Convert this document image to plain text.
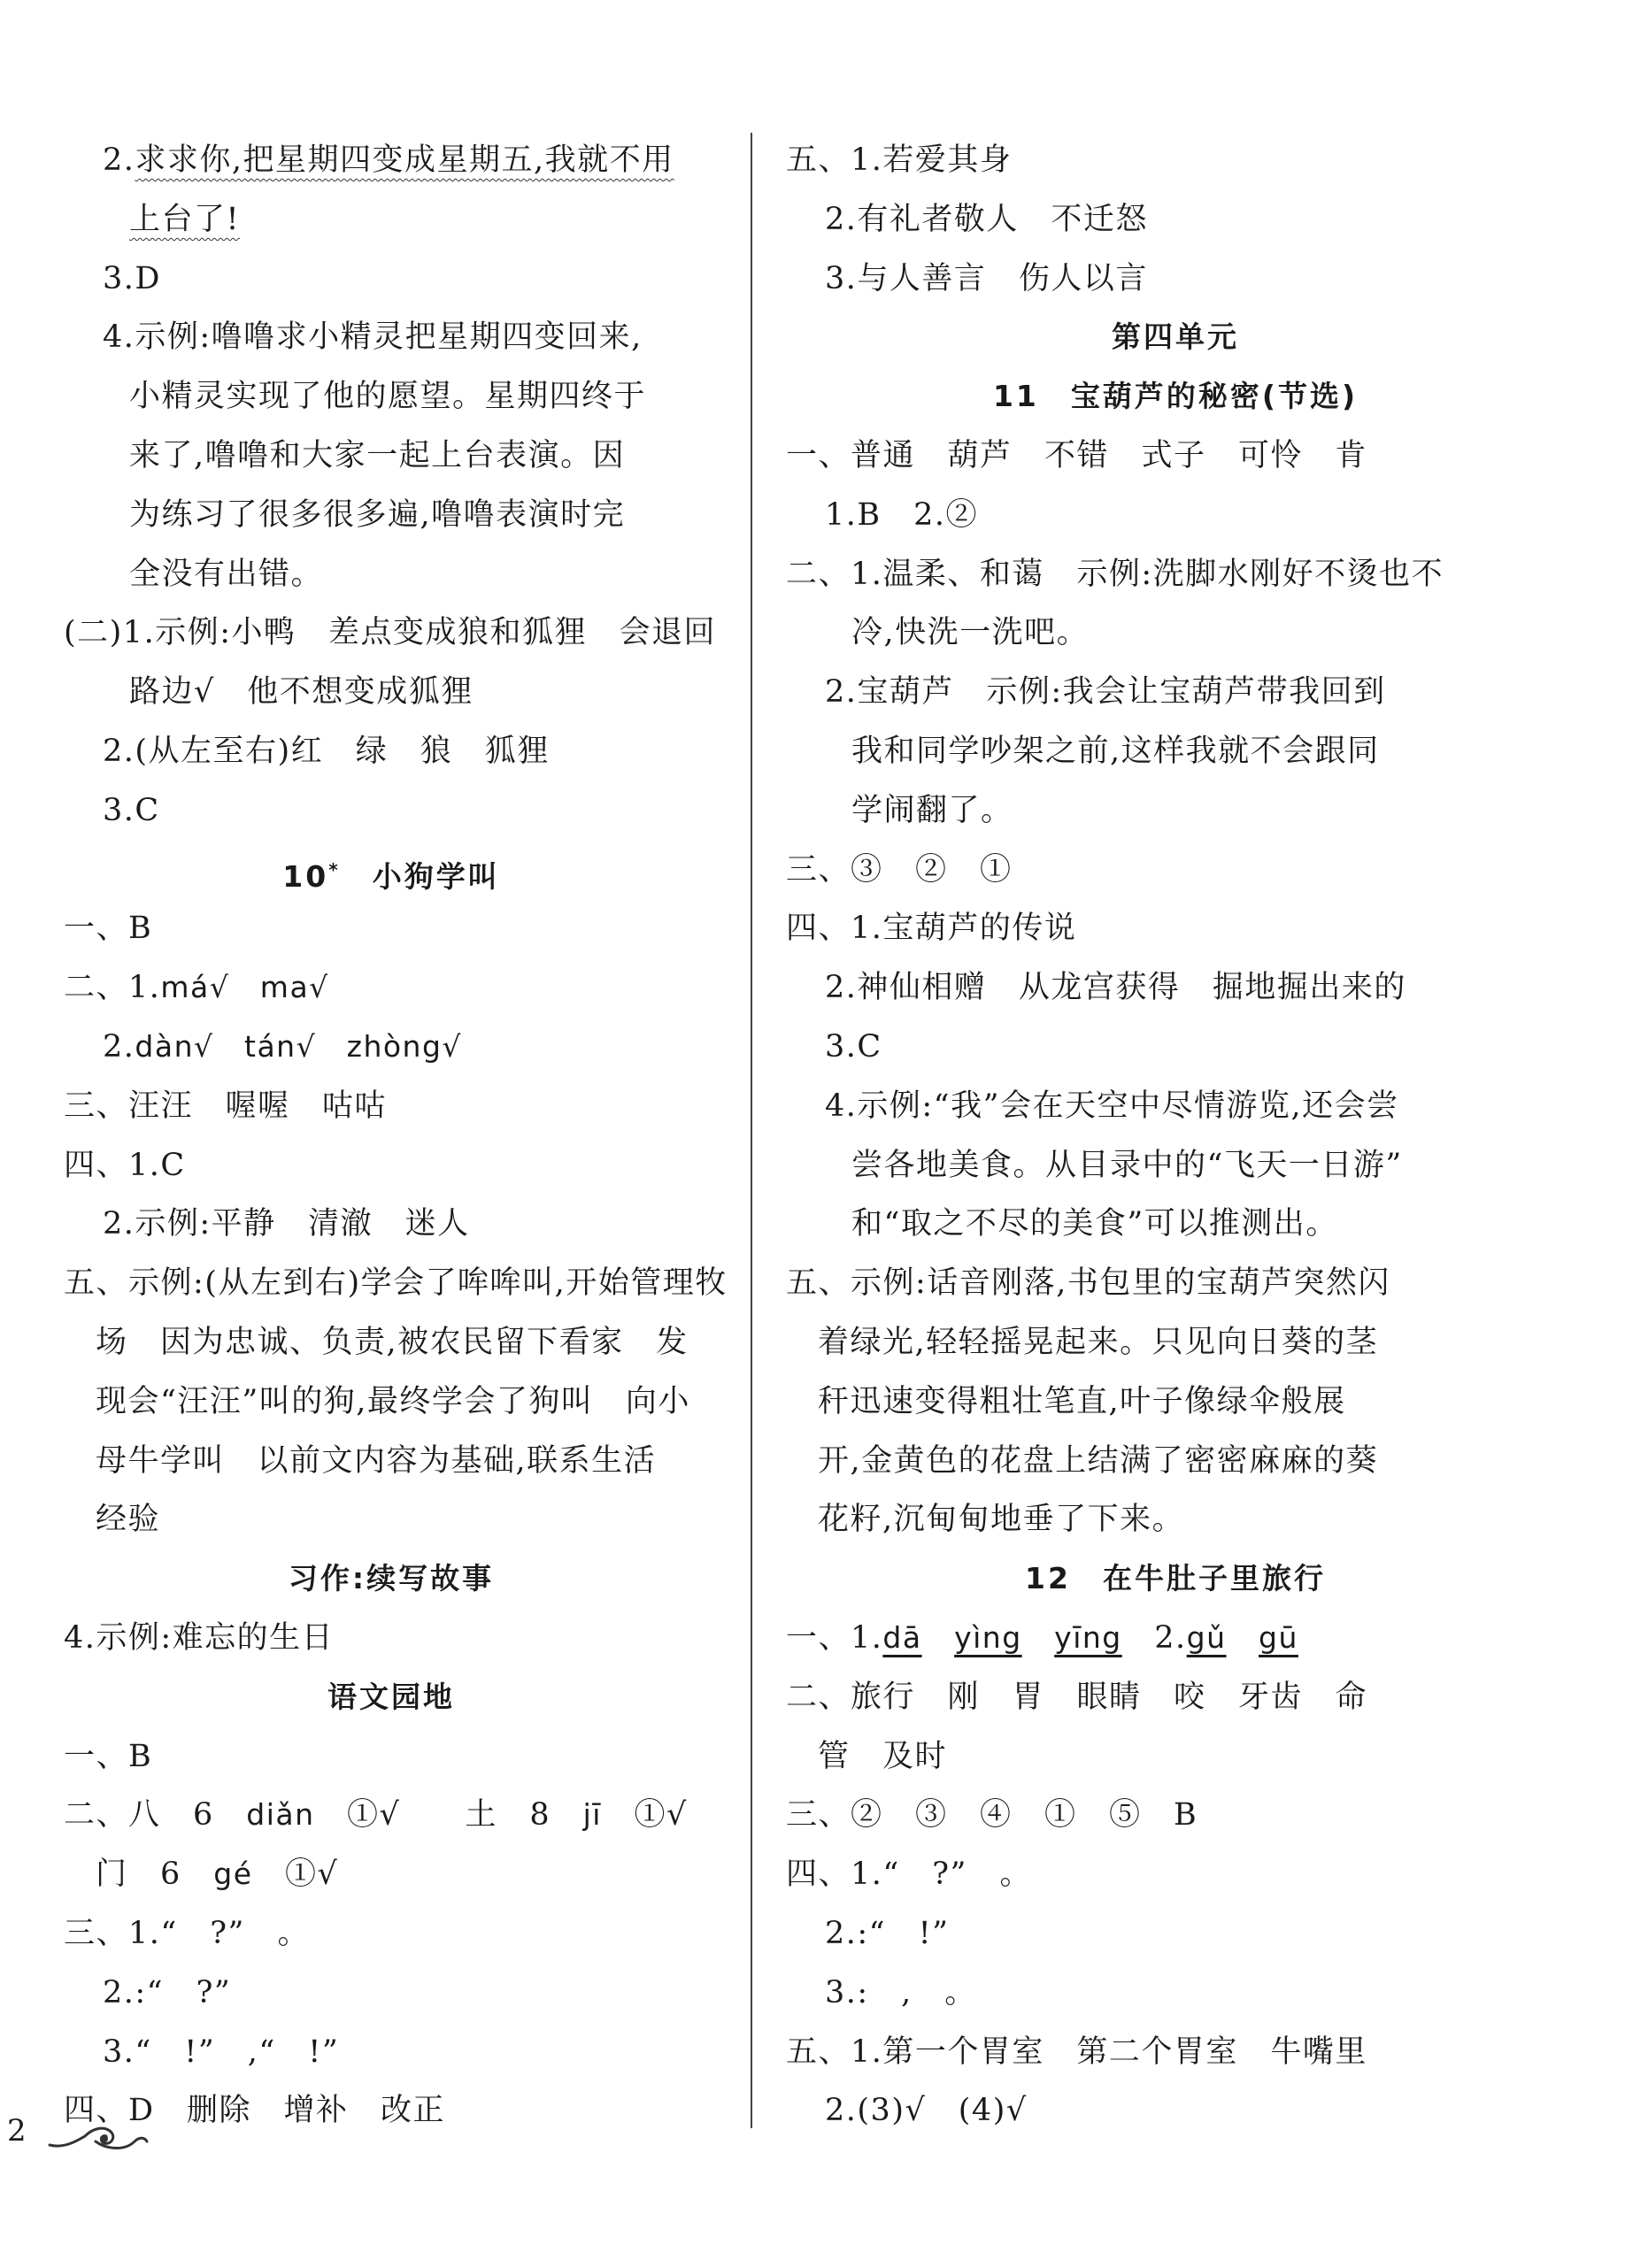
2.求求你,把星期四变成星期五,我就不用
上台了!
3.D
4.示例:噜噜求小精灵把星期四变回来,
小精灵实现了他的愿望。星期四终于
来了,噜噜和大家一起上台表演。因
为练习了很多很多遍,噜噜表演时完
全没有出错。
(二)1.示例:小鸭　差点变成狼和狐狸　会退回
路边√　他不想变成狐狸
2.(从左至右)红　绿　狼　狐狸
3.C
10*　小狗学叫
一、B
二、1.má√　ma√
2.dàn√　tán√　zhòng√
三、汪汪　喔喔　咕咕
四、1.C
2.示例:平静　清澈　迷人
五、示例:(从左到右)学会了哞哞叫,开始管理牧
场　因为忠诚、负责,被农民留下看家　发
现会“汪汪”叫的狗,最终学会了狗叫　向小
母牛学叫　以前文内容为基础,联系生活
经验
习作:续写故事
4.示例:难忘的生日
语文园地
一、B
二、八　6　diǎn　①√　　土　8　jī　①√
门　6　gé　①√
三、1.“　?”　。
2.:“　?”
3.“　!”　,“　!”
四、D　删除　增补　改正
五、1.若爱其身
2.有礼者敬人　不迁怒
3.与人善言　伤人以言
第四单元
11　宝葫芦的秘密(节选)
一、普通　葫芦　不错　式子　可怜　肯
1.B　2.②
二、1.温柔、和蔼　示例:洗脚水刚好不烫也不
冷,快洗一洗吧。
2.宝葫芦　示例:我会让宝葫芦带我回到
我和同学吵架之前,这样我就不会跟同
学闹翻了。
三、③　②　①
四、1.宝葫芦的传说
2.神仙相赠　从龙宫获得　掘地掘出来的
3.C
4.示例:“我”会在天空中尽情游览,还会尝
尝各地美食。从目录中的“飞天一日游”
和“取之不尽的美食”可以推测出。
五、示例:话音刚落,书包里的宝葫芦突然闪
着绿光,轻轻摇晃起来。只见向日葵的茎
秆迅速变得粗壮笔直,叶子像绿伞般展
开,金黄色的花盘上结满了密密麻麻的葵
花籽,沉甸甸地垂了下来。
12　在牛肚子里旅行
一、1.dā　 yìng　 yīng　2.gǔ　 gū
二、旅行　刚　胃　眼睛　咬　牙齿　命
管　及时
三、②　③　④　①　⑤　B
四、1.“　?”　。
2.:“　!”
3.:　,　。
五、1.第一个胃室　第二个胃室　牛嘴里
2.(3)√　(4)√
2
